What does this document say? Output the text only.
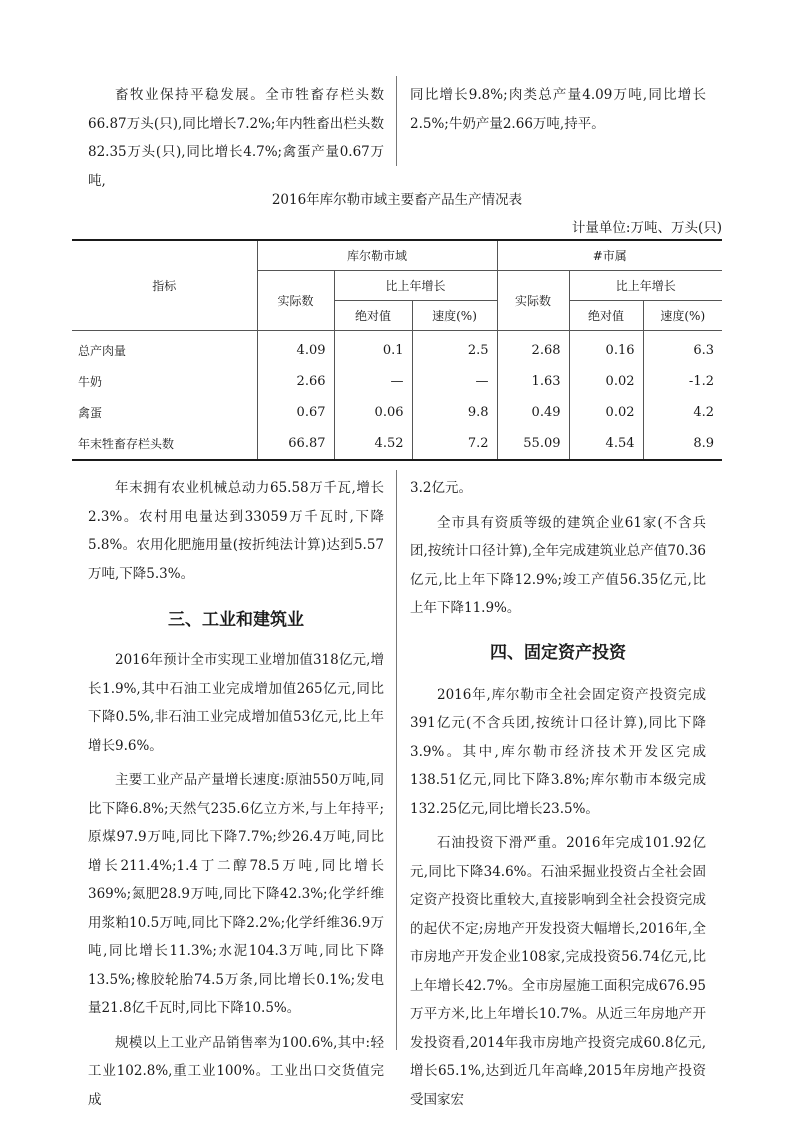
畜牧业保持平稳发展。全市牲畜存栏头数66.87万头(只),同比增长7.2%;年内牲畜出栏头数82.35万头(只),同比增长4.7%;禽蛋产量0.67万吨,

同比增长9.8%;肉类总产量4.09万吨,同比增长2.5%;牛奶产量2.66万吨,持平。

2016年库尔勒市域主要畜产品生产情况表
计量单位:万吨、万头(只)
指标	库尔勒市域			#市属		
	实际数	比上年增长		实际数	比上年增长	
		绝对值	速度(%)		绝对值	速度(%)
总产肉量	4.09	0.1	2.5	2.68	0.16	6.3
牛奶	2.66	—	—	1.63	0.02	-1.2
禽蛋	0.67	0.06	9.8	0.49	0.02	4.2
年末牲畜存栏头数	66.87	4.52	7.2	55.09	4.54	8.9

年末拥有农业机械总动力65.58万千瓦,增长2.3%。农村用电量达到33059万千瓦时,下降5.8%。农用化肥施用量(按折纯法计算)达到5.57万吨,下降5.3%。

三、工业和建筑业

2016年预计全市实现工业增加值318亿元,增长1.9%,其中石油工业完成增加值265亿元,同比下降0.5%,非石油工业完成增加值53亿元,比上年增长9.6%。

主要工业产品产量增长速度:原油550万吨,同比下降6.8%;天然气235.6亿立方米,与上年持平;原煤97.9万吨,同比下降7.7%;纱26.4万吨,同比增长211.4%;1.4丁二醇78.5万吨,同比增长369%;氮肥28.9万吨,同比下降42.3%;化学纤维用浆粕10.5万吨,同比下降2.2%;化学纤维36.9万吨,同比增长11.3%;水泥104.3万吨,同比下降13.5%;橡胶轮胎74.5万条,同比增长0.1%;发电量21.8亿千瓦时,同比下降10.5%。

规模以上工业产品销售率为100.6%,其中:轻工业102.8%,重工业100%。工业出口交货值完成

3.2亿元。

全市具有资质等级的建筑企业61家(不含兵团,按统计口径计算),全年完成建筑业总产值70.36亿元,比上年下降12.9%;竣工产值56.35亿元,比上年下降11.9%。

四、固定资产投资

2016年,库尔勒市全社会固定资产投资完成391亿元(不含兵团,按统计口径计算),同比下降3.9%。其中,库尔勒市经济技术开发区完成138.51亿元,同比下降3.8%;库尔勒市本级完成132.25亿元,同比增长23.5%。

石油投资下滑严重。2016年完成101.92亿元,同比下降34.6%。石油采掘业投资占全社会固定资产投资比重较大,直接影响到全社会投资完成的起伏不定;房地产开发投资大幅增长,2016年,全市房地产开发企业108家,完成投资56.74亿元,比上年增长42.7%。全市房屋施工面积完成676.95万平方米,比上年增长10.7%。从近三年房地产开发投资看,2014年我市房地产投资完成60.8亿元,增长65.1%,达到近几年高峰,2015年房地产投资受国家宏
